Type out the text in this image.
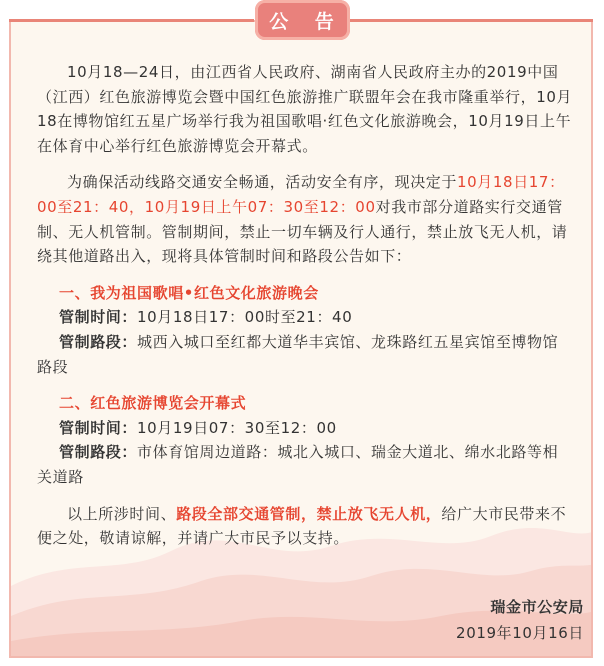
公 告

10月18—24日，由江西省人民政府、湖南省人民政府主办的2019中国（江西）红色旅游博览会暨中国红色旅游推广联盟年会在我市隆重举行，10月18在博物馆红五星广场举行我为祖国歌唱·红色文化旅游晚会，10月19日上午在体育中心举行红色旅游博览会开幕式。

为确保活动线路交通安全畅通，活动安全有序，现决定于10月18日17：00至21：40，10月19日上午07：30至12：00对我市部分道路实行交通管制、无人机管制。管制期间，禁止一切车辆及行人通行，禁止放飞无人机，请绕其他道路出入，现将具体管制时间和路段公告如下：

一、我为祖国歌唱•红色文化旅游晚会

管制时间：10月18日17：00时至21：40

管制路段：城西入城口至红都大道华丰宾馆、龙珠路红五星宾馆至博物馆路段

二、红色旅游博览会开幕式

管制时间：10月19日07：30至12：00

管制路段：市体育馆周边道路：城北入城口、瑞金大道北、绵水北路等相关道路

以上所涉时间、路段全部交通管制，禁止放飞无人机，给广大市民带来不便之处，敬请谅解，并请广大市民予以支持。

瑞金市公安局
2019年10月16日
